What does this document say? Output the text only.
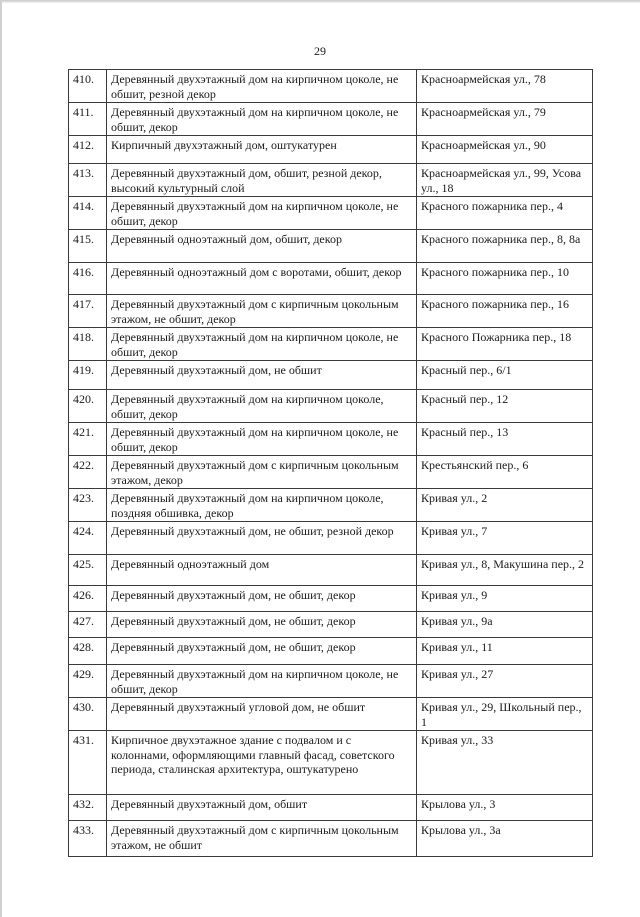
29
410.	Деревянный двухэтажный дом на кирпичном цоколе, не обшит, резной декор	Красноармейская ул., 78
411.	Деревянный двухэтажный дом на кирпичном цоколе, не обшит, декор	Красноармейская ул., 79
412.	Кирпичный двухэтажный дом, оштукатурен	Красноармейская ул., 90
413.	Деревянный двухэтажный дом, обшит, резной декор, высокий культурный слой	Красноармейская ул., 99, Усова ул., 18
414.	Деревянный двухэтажный дом на кирпичном цоколе, не обшит, декор	Красного пожарника пер., 4
415.	Деревянный одноэтажный дом, обшит, декор	Красного пожарника пер., 8, 8а
416.	Деревянный одноэтажный дом с воротами, обшит, декор	Красного пожарника пер., 10
417.	Деревянный двухэтажный дом с кирпичным цокольным этажом, не обшит, декор	Красного пожарника пер., 16
418.	Деревянный двухэтажный дом на кирпичном цоколе, не обшит, декор	Красного Пожарника пер., 18
419.	Деревянный двухэтажный дом, не обшит	Красный пер., 6/1
420.	Деревянный двухэтажный дом на кирпичном цоколе, обшит, декор	Красный пер., 12
421.	Деревянный двухэтажный дом на кирпичном цоколе, не обшит, декор	Красный пер., 13
422.	Деревянный двухэтажный дом с кирпичным цокольным этажом, декор	Крестьянский пер., 6
423.	Деревянный двухэтажный дом на кирпичном цоколе, поздняя обшивка, декор	Кривая ул., 2
424.	Деревянный двухэтажный дом, не обшит, резной декор	Кривая ул., 7
425.	Деревянный одноэтажный дом	Кривая ул., 8, Макушина пер., 2
426.	Деревянный двухэтажный дом, не обшит, декор	Кривая ул., 9
427.	Деревянный двухэтажный дом, не обшит, декор	Кривая ул., 9а
428.	Деревянный двухэтажный дом, не обшит, декор	Кривая ул., 11
429.	Деревянный двухэтажный дом на кирпичном цоколе, не обшит, декор	Кривая ул., 27
430.	Деревянный двухэтажный угловой дом, не обшит	Кривая ул., 29, Школьный пер., 1
431.	Кирпичное двухэтажное здание с подвалом и с колоннами, оформляющими главный фасад, советского периода, сталинская архитектура, оштукатурено	Кривая ул., 33
432.	Деревянный двухэтажный дом, обшит	Крылова ул., 3
433.	Деревянный двухэтажный дом с кирпичным цокольным этажом, не обшит	Крылова ул., 3а
